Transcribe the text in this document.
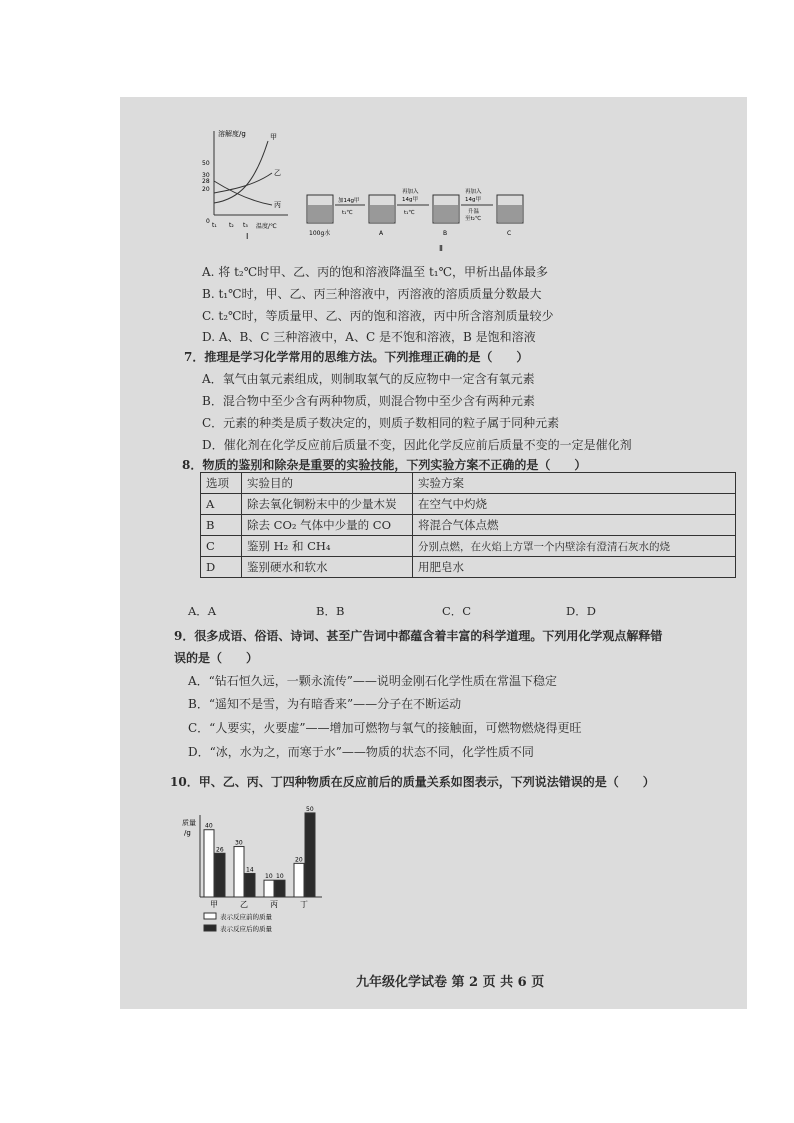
溶解度/g
50
30
28
20
0
t₁ t₂ t₃ 温度/℃
甲
乙
丙
Ⅰ	100g水
加14g甲
t₁℃
A
再加入
14g甲
t₁℃
B
再加入
14g甲
升温
至t₂℃
C
Ⅱ
A. 将 t₂℃时甲、乙、丙的饱和溶液降温至 t₁℃，甲析出晶体最多
B. t₁℃时，甲、乙、丙三种溶液中，丙溶液的溶质质量分数最大
C. t₂℃时，等质量甲、乙、丙的饱和溶液，丙中所含溶剂质量较少
D. A、B、C 三种溶液中，A、C 是不饱和溶液，B 是饱和溶液
7．推理是学习化学常用的思维方法。下列推理正确的是（　　）
A．氧气由氧元素组成，则制取氧气的反应物中一定含有氧元素
B．混合物中至少含有两种物质，则混合物中至少含有两种元素
C．元素的种类是质子数决定的，则质子数相同的粒子属于同种元素
D．催化剂在化学反应前后质量不变，因此化学反应前后质量不变的一定是催化剂
8．物质的鉴别和除杂是重要的实验技能，下列实验方案不正确的是（　　）
选项	实验目的	实验方案
A	除去氧化铜粉末中的少量木炭	在空气中灼烧
B	除去 CO₂ 气体中少量的 CO	将混合气体点燃
C	鉴别 H₂ 和 CH₄	分别点燃，在火焰上方罩一个内壁涂有澄清石灰水的烧
D	鉴别硬水和软水	用肥皂水
A．A	B．B	C．C	D．D
9．很多成语、俗语、诗词、甚至广告词中都蕴含着丰富的科学道理。下列用化学观点解释错
误的是（　　）
A．“钻石恒久远，一颗永流传”——说明金刚石化学性质在常温下稳定
B．“遥知不是雪，为有暗香来”——分子在不断运动
C．“人要实，火要虚”——增加可燃物与氧气的接触面，可燃物燃烧得更旺
D．“冰，水为之，而寒于水”——物质的状态不同，化学性质不同
10．甲、乙、丙、丁四种物质在反应前后的质量关系如图表示，下列说法错误的是（　　）
质量
/g
40
26
甲
30
14
乙
10 10
丙
20
50
丁
表示反应前的质量
表示反应后的质量
九年级化学试卷 第 2 页 共 6 页
